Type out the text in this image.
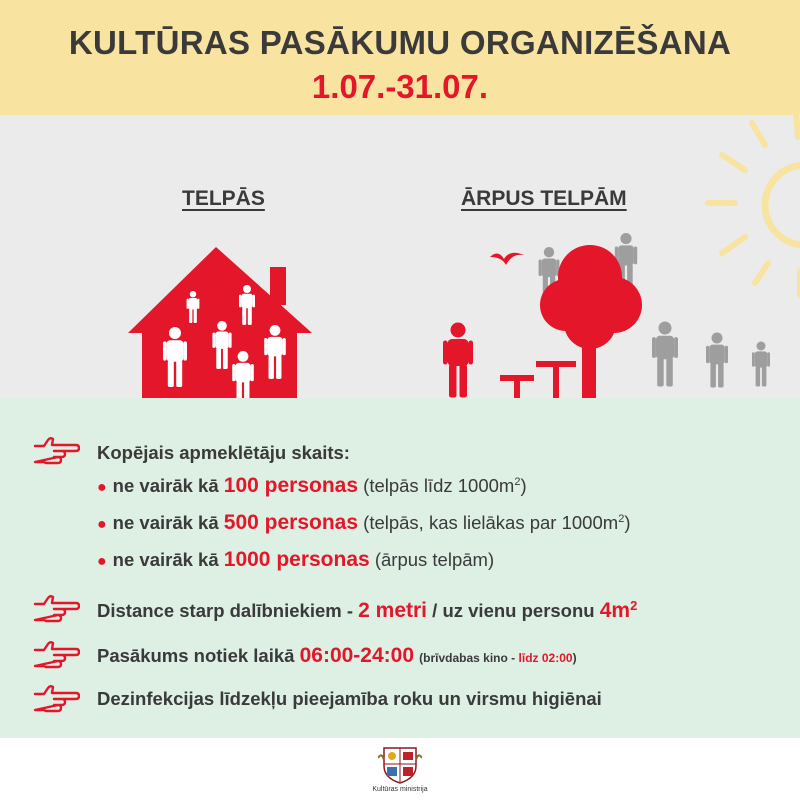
KULTŪRAS PASĀKUMU ORGANIZĒŠANA
1.07.-31.07.
TELPĀS	ĀRPUS TELPĀM
Kopējais apmeklētāju skaits:
● ne vairāk kā 100 personas (telpās līdz $1000m^2$)
● ne vairāk kā 500 personas (telpās, kas lielākas par $1000m^2$)
● ne vairāk kā 1000 personas (ārpus telpām)
Distance starp dalībniekiem - 2 metri / uz vienu personu $4m^2$
Pasākums notiek laikā 06:00-24:00 (brīvdabas kino - līdz 02:00)
Dezinfekcijas līdzekļu pieejamība roku un virsmu higiēnai
Kultūras ministrija
